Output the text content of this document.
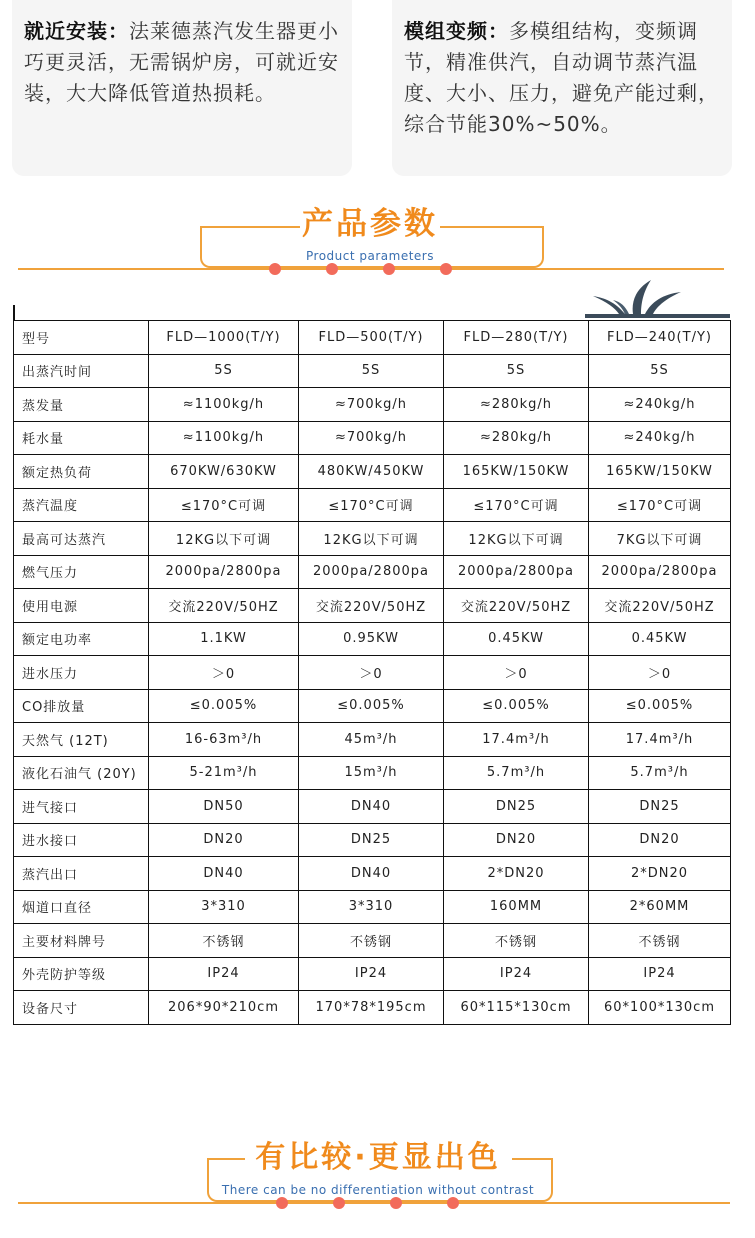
就近安装：法莱德蒸汽发生器更小巧更灵活，无需锅炉房，可就近安装，大大降低管道热损耗。
模组变频：多模组结构，变频调节，精准供汽，自动调节蒸汽温度、大小、压力，避免产能过剩，综合节能30%~50%。
产品参数
Product parameters
型号	FLD—1000(T/Y)	FLD—500(T/Y)	FLD—280(T/Y)	FLD—240(T/Y)
出蒸汽时间	5S	5S	5S	5S
蒸发量	≈1100kg/h	≈700kg/h	≈280kg/h	≈240kg/h
耗水量	≈1100kg/h	≈700kg/h	≈280kg/h	≈240kg/h
额定热负荷	670KW/630KW	480KW/450KW	165KW/150KW	165KW/150KW
蒸汽温度	≤170°C可调	≤170°C可调	≤170°C可调	≤170°C可调
最高可达蒸汽	12KG以下可调	12KG以下可调	12KG以下可调	7KG以下可调
燃气压力	2000pa/2800pa	2000pa/2800pa	2000pa/2800pa	2000pa/2800pa
使用电源	交流220V/50HZ	交流220V/50HZ	交流220V/50HZ	交流220V/50HZ
额定电功率	1.1KW	0.95KW	0.45KW	0.45KW
进水压力	＞0	＞0	＞0	＞0
CO排放量	≤0.005%	≤0.005%	≤0.005%	≤0.005%
天然气 (12T)	16-63m³/h	45m³/h	17.4m³/h	17.4m³/h
液化石油气 (20Y)	5-21m³/h	15m³/h	5.7m³/h	5.7m³/h
进气接口	DN50	DN40	DN25	DN25
进水接口	DN20	DN25	DN20	DN20
蒸汽出口	DN40	DN40	2*DN20	2*DN20
烟道口直径	3*310	3*310	160MM	2*60MM
主要材料牌号	不锈钢	不锈钢	不锈钢	不锈钢
外壳防护等级	IP24	IP24	IP24	IP24
设备尺寸	206*90*210cm	170*78*195cm	60*115*130cm	60*100*130cm
有比较·更显出色
There can be no differentiation without contrast
